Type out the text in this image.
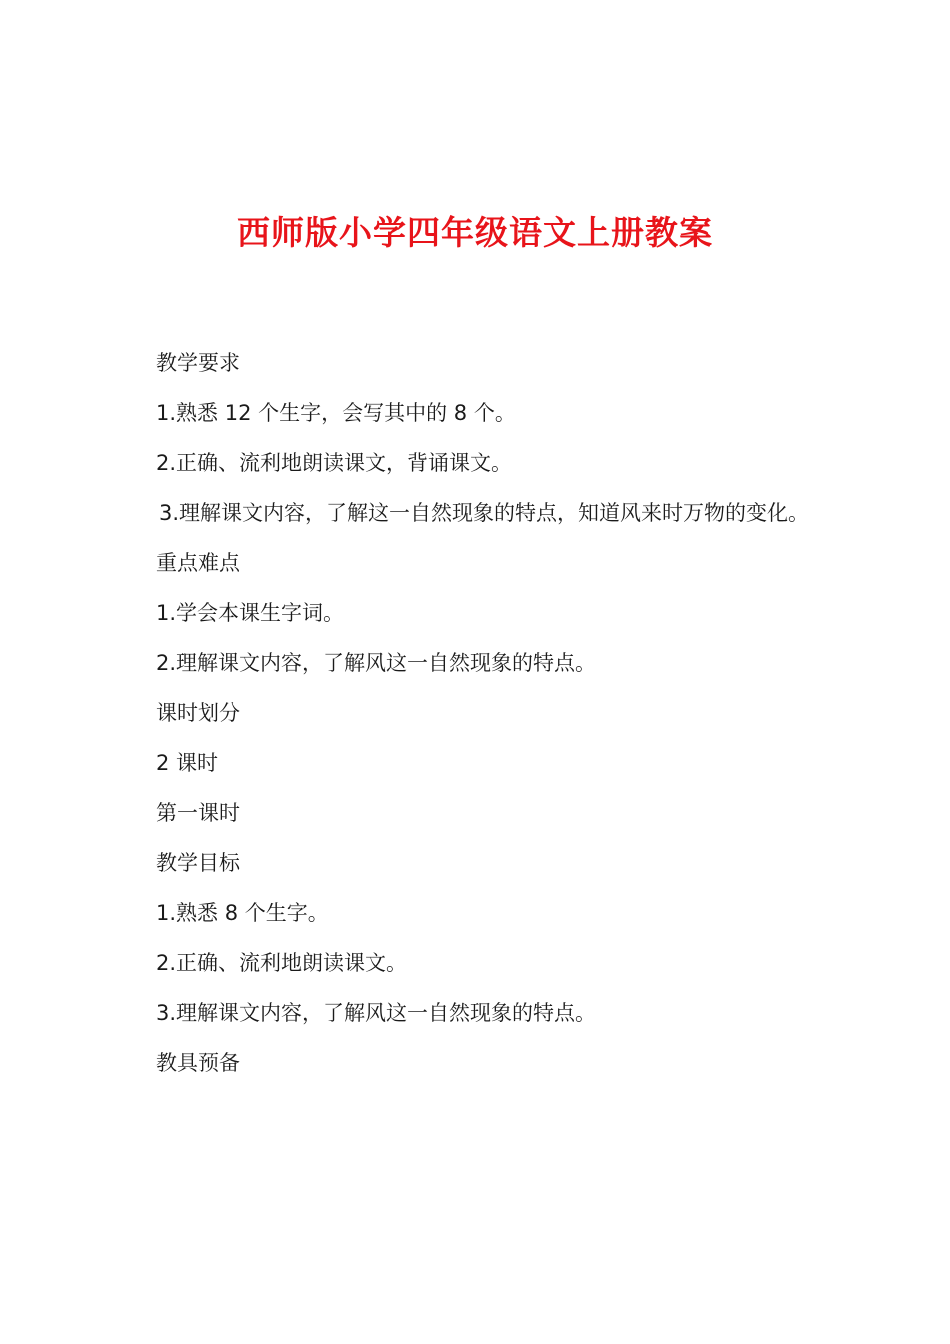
西师版小学四年级语文上册教案

教学要求

1.熟悉 12 个生字，会写其中的 8 个。

2.正确、流利地朗读课文，背诵课文。

3.理解课文内容，了解这一自然现象的特点，知道风来时万物的变化。

重点难点

1.学会本课生字词。

2.理解课文内容，了解风这一自然现象的特点。

课时划分

2 课时

第一课时

教学目标

1.熟悉 8 个生字。

2.正确、流利地朗读课文。

3.理解课文内容，了解风这一自然现象的特点。

教具预备
